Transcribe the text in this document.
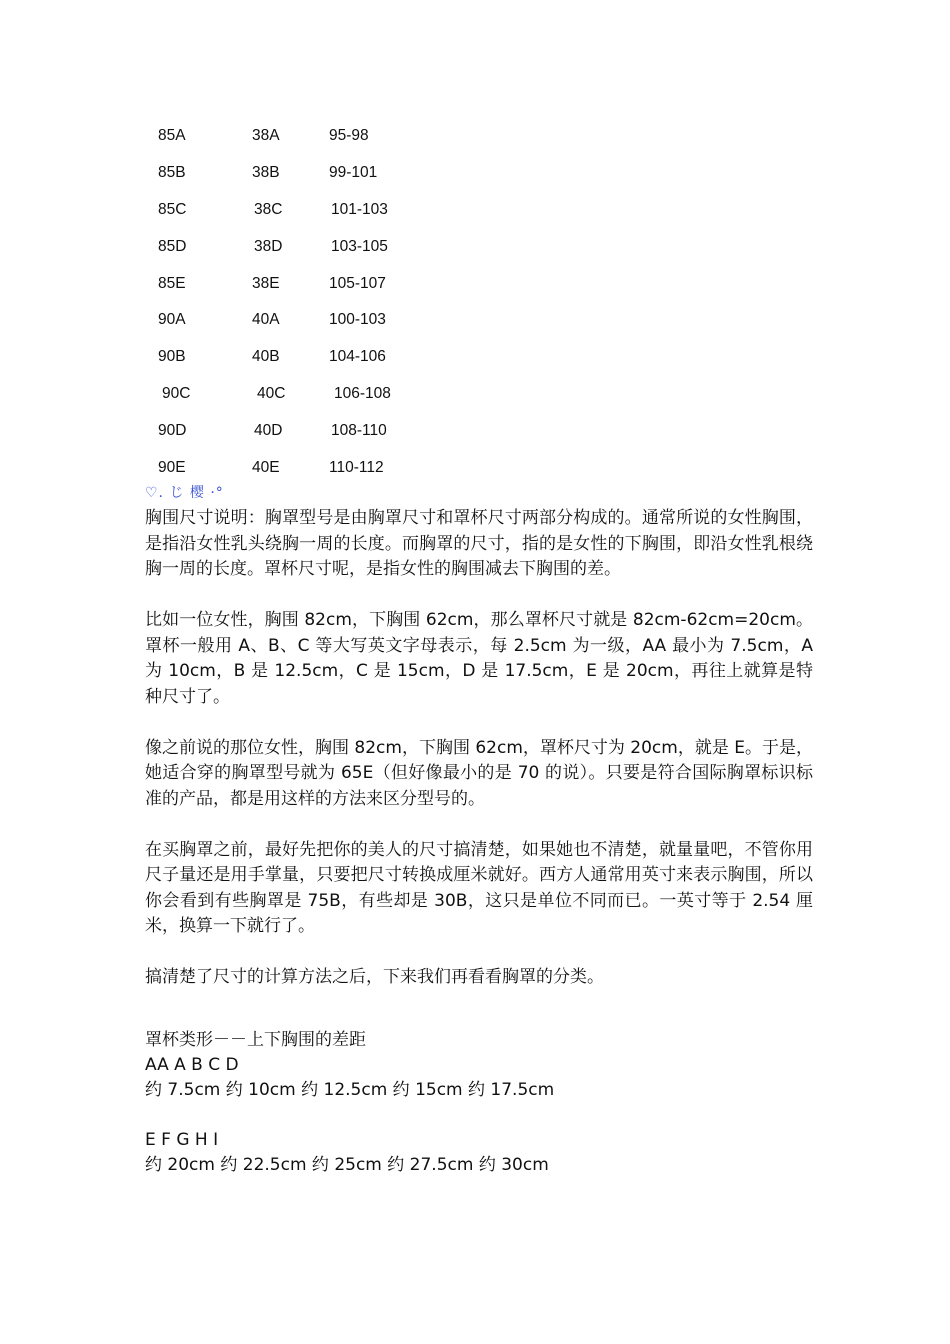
85A	38A	95-98
85B	38B	99-101
85C	38C	101-103
85D	38D	103-105
85E	38E	105-107
90A	40A	100-103
90B	40B	104-106
90C	40C	106-108
90D	40D	108-110
90E	40E	110-112
♡. じ 樱 ·°

胸围尺寸说明：胸罩型号是由胸罩尺寸和罩杯尺寸两部分构成的。通常所说的女性胸围，是指沿女性乳头绕胸一周的长度。而胸罩的尺寸，指的是女性的下胸围，即沿女性乳根绕胸一周的长度。罩杯尺寸呢，是指女性的胸围减去下胸围的差。

比如一位女性，胸围 82cm，下胸围 62cm，那么罩杯尺寸就是 82cm-62cm=20cm。罩杯一般用 A、B、C 等大写英文字母表示，每 2.5cm 为一级，AA 最小为 7.5cm，A 为 10cm，B 是 12.5cm，C 是 15cm，D 是 17.5cm，E 是 20cm，再往上就算是特种尺寸了。

像之前说的那位女性，胸围 82cm，下胸围 62cm，罩杯尺寸为 20cm，就是 E。于是，她适合穿的胸罩型号就为 65E（但好像最小的是 70 的说）。只要是符合国际胸罩标识标准的产品，都是用这样的方法来区分型号的。

在买胸罩之前，最好先把你的美人的尺寸搞清楚，如果她也不清楚，就量量吧，不管你用尺子量还是用手掌量，只要把尺寸转换成厘米就好。西方人通常用英寸来表示胸围，所以你会看到有些胸罩是 75B，有些却是 30B，这只是单位不同而已。一英寸等于 2.54 厘米，换算一下就行了。

搞清楚了尺寸的计算方法之后，下来我们再看看胸罩的分类。

罩杯类形－－上下胸围的差距
AA A B C D
约 7.5cm 约 10cm 约 12.5cm 约 15cm 约 17.5cm
E F G H I
约 20cm 约 22.5cm 约 25cm 约 27.5cm 约 30cm
